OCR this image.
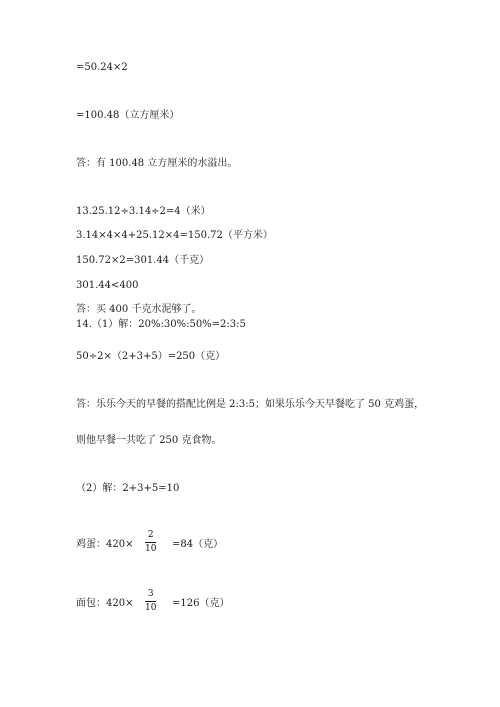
=50.24×2
=100.48（立方厘米）
答：有 100.48 立方厘米的水溢出。
13.25.12÷3.14÷2=4（米）
3.14×4×4+25.12×4=150.72（平方米）
150.72×2=301.44（千克）
301.44<400
答：买 400 千克水泥够了。
14.（1）解：20%:30%:50%=2:3:5
50÷2×（2+3+5）=250（克）
答：乐乐今天的早餐的搭配比例是 2:3:5；如果乐乐今天早餐吃了 50 克鸡蛋，
则他早餐一共吃了 250 克食物。
（2）解：2+3+5=10
鸡蛋：420×
2
10 =84（克）
面包：420×
3
10 =126（克）
